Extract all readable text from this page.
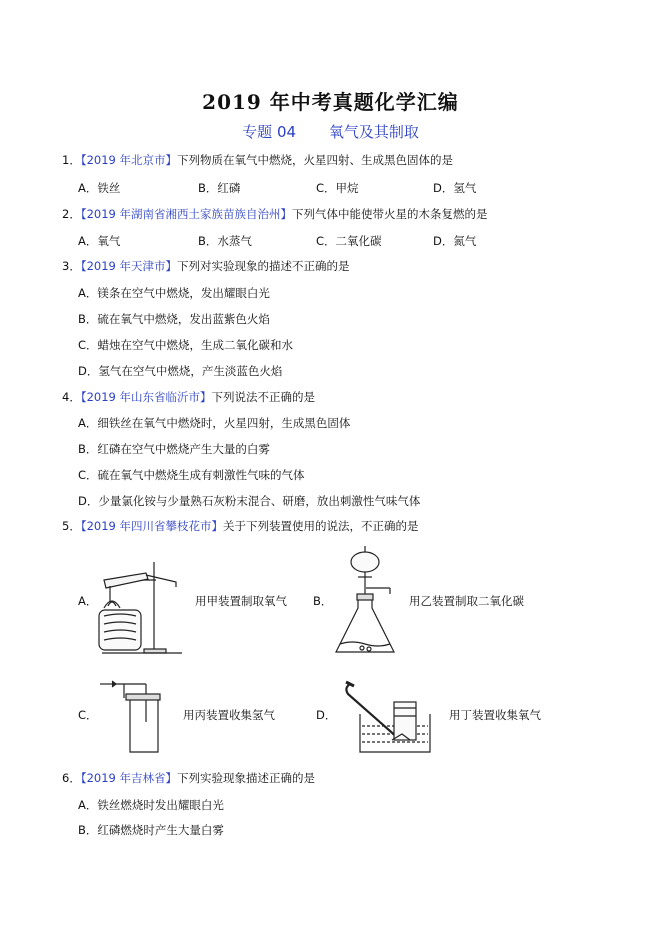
2019 年中考真题化学汇编
专题 04 氧气及其制取
1．【2019 年北京市】下列物质在氧气中燃烧，火星四射、生成黑色固体的是
A．铁丝	B．红磷	C．甲烷	D．氢气
2．【2019 年湖南省湘西土家族苗族自治州】下列气体中能使带火星的木条复燃的是
A．氧气	B．水蒸气	C．二氧化碳	D．氮气
3．【2019 年天津市】下列对实验现象的描述不正确的是
A．镁条在空气中燃烧，发出耀眼白光
B．硫在氧气中燃烧，发出蓝紫色火焰
C．蜡烛在空气中燃烧，生成二氧化碳和水
D．氢气在空气中燃烧，产生淡蓝色火焰
4．【2019 年山东省临沂市】下列说法不正确的是
A．细铁丝在氧气中燃烧时，火星四射，生成黑色固体
B．红磷在空气中燃烧产生大量的白雾
C．硫在氧气中燃烧生成有刺激性气味的气体
D．少量氯化铵与少量熟石灰粉末混合、研磨，放出刺激性气味气体
5．【2019 年四川省攀枝花市】关于下列装置使用的说法，不正确的是
A．	用甲装置制取氧气 B．	用乙装置制取二氧化碳
C．	用丙装置收集氢气	D．	用丁装置收集氧气
6．【2019 年吉林省】下列实验现象描述正确的是
A．铁丝燃烧时发出耀眼白光
B．红磷燃烧时产生大量白雾
